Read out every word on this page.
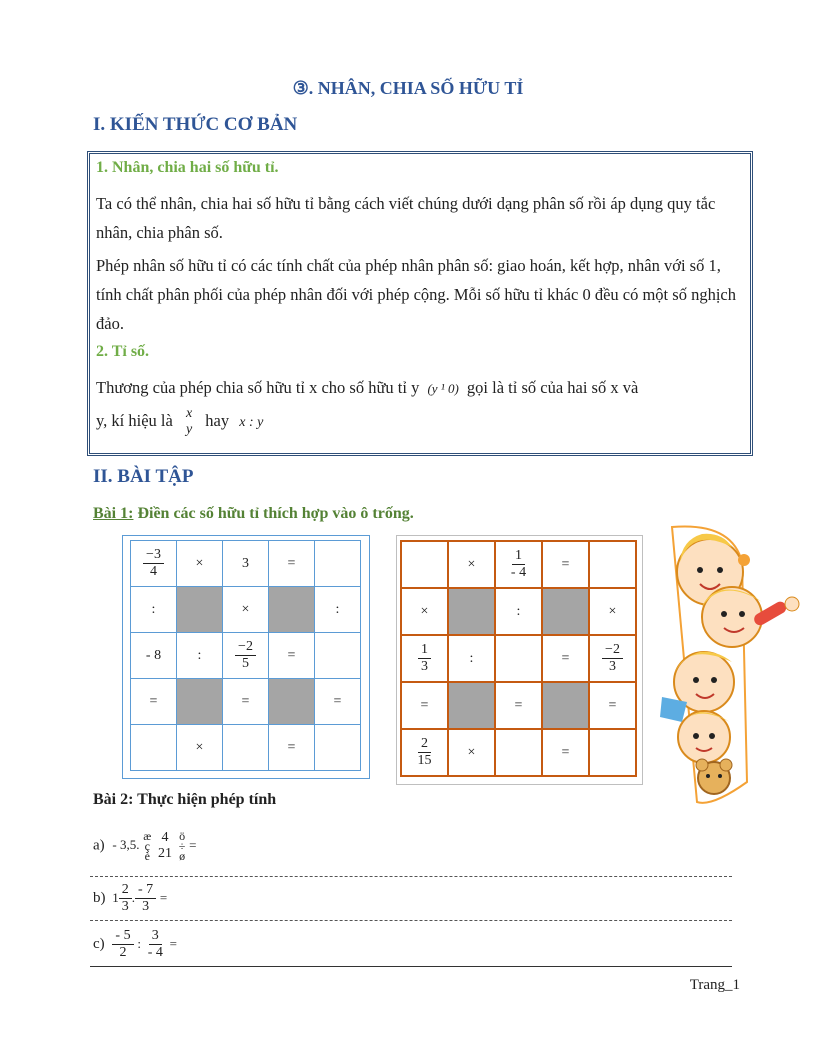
③. NHÂN, CHIA SỐ HỮU TỈ
I. KIẾN THỨC CƠ BẢN
1. Nhân, chia hai số hữu tỉ.
Ta có thể nhân, chia hai số hữu tỉ bằng cách viết chúng dưới dạng phân số rồi áp dụng quy tắc nhân, chia phân số.
Phép nhân số hữu tỉ có các tính chất của phép nhân phân số: giao hoán, kết hợp, nhân với số 1, tính chất phân phối của phép nhân đối với phép cộng. Mỗi số hữu tỉ khác 0 đều có một số nghịch đảo.
2. Tỉ số.
Thương của phép chia số hữu tỉ x cho số hữu tỉ y (y ¹ 0) gọi là tỉ số của hai số x và
y, kí hiệu là x
y hay x : y
II. BÀI TẬP
Bài 1: Điền các số hữu tỉ thích hợp vào ô trống.
$\frac{-3}{4}$	×	3	=	
:		×		:
- 8	:	$\frac{-2}{5}$	=	
=		=		=
	×		=	
	×	$\frac{1}{- 4}$	=	
×		:		×

$\frac{1}{3}$	:		=	$\frac{-2}{3}$

=		=		=

$\frac{2}{15}$	×		=	
Bài 2: Thực hiện phép tính
a) - 3,5. æ
ç
è
4
21
ö
÷
ø =
b) $1 \frac{2}{3}$ . $\frac{- 7}{3}$ =
$c) \frac{- 5}{2}$ : $\frac{3}{- 4}$ =
Trang_1
